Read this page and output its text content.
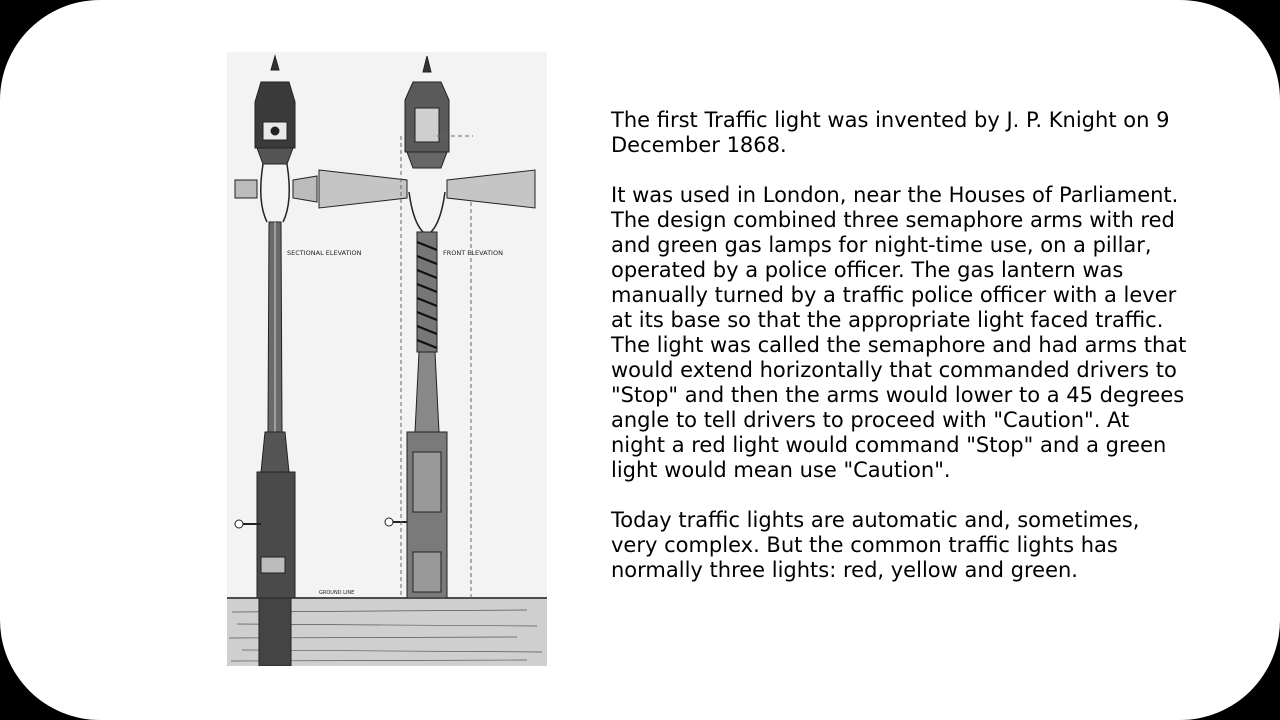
SECTIONAL ELEVATION	FRONT ELEVATION
GROUND LINE

The first Traffic light was invented by J. P. Knight on 9
December 1868.

It was used in London, near the Houses of Parliament.
The design combined three semaphore arms with red
and green gas lamps for night-time use, on a pillar,
operated by a police officer. The gas lantern was
manually turned by a traffic police officer with a lever
at its base so that the appropriate light faced traffic.
The light was called the semaphore and had arms that
would extend horizontally that commanded drivers to
"Stop" and then the arms would lower to a 45 degrees
angle to tell drivers to proceed with "Caution". At
night a red light would command "Stop" and a green
light would mean use "Caution".

Today traffic lights are automatic and, sometimes,
very complex. But the common traffic lights has
normally three lights: red, yellow and green.
